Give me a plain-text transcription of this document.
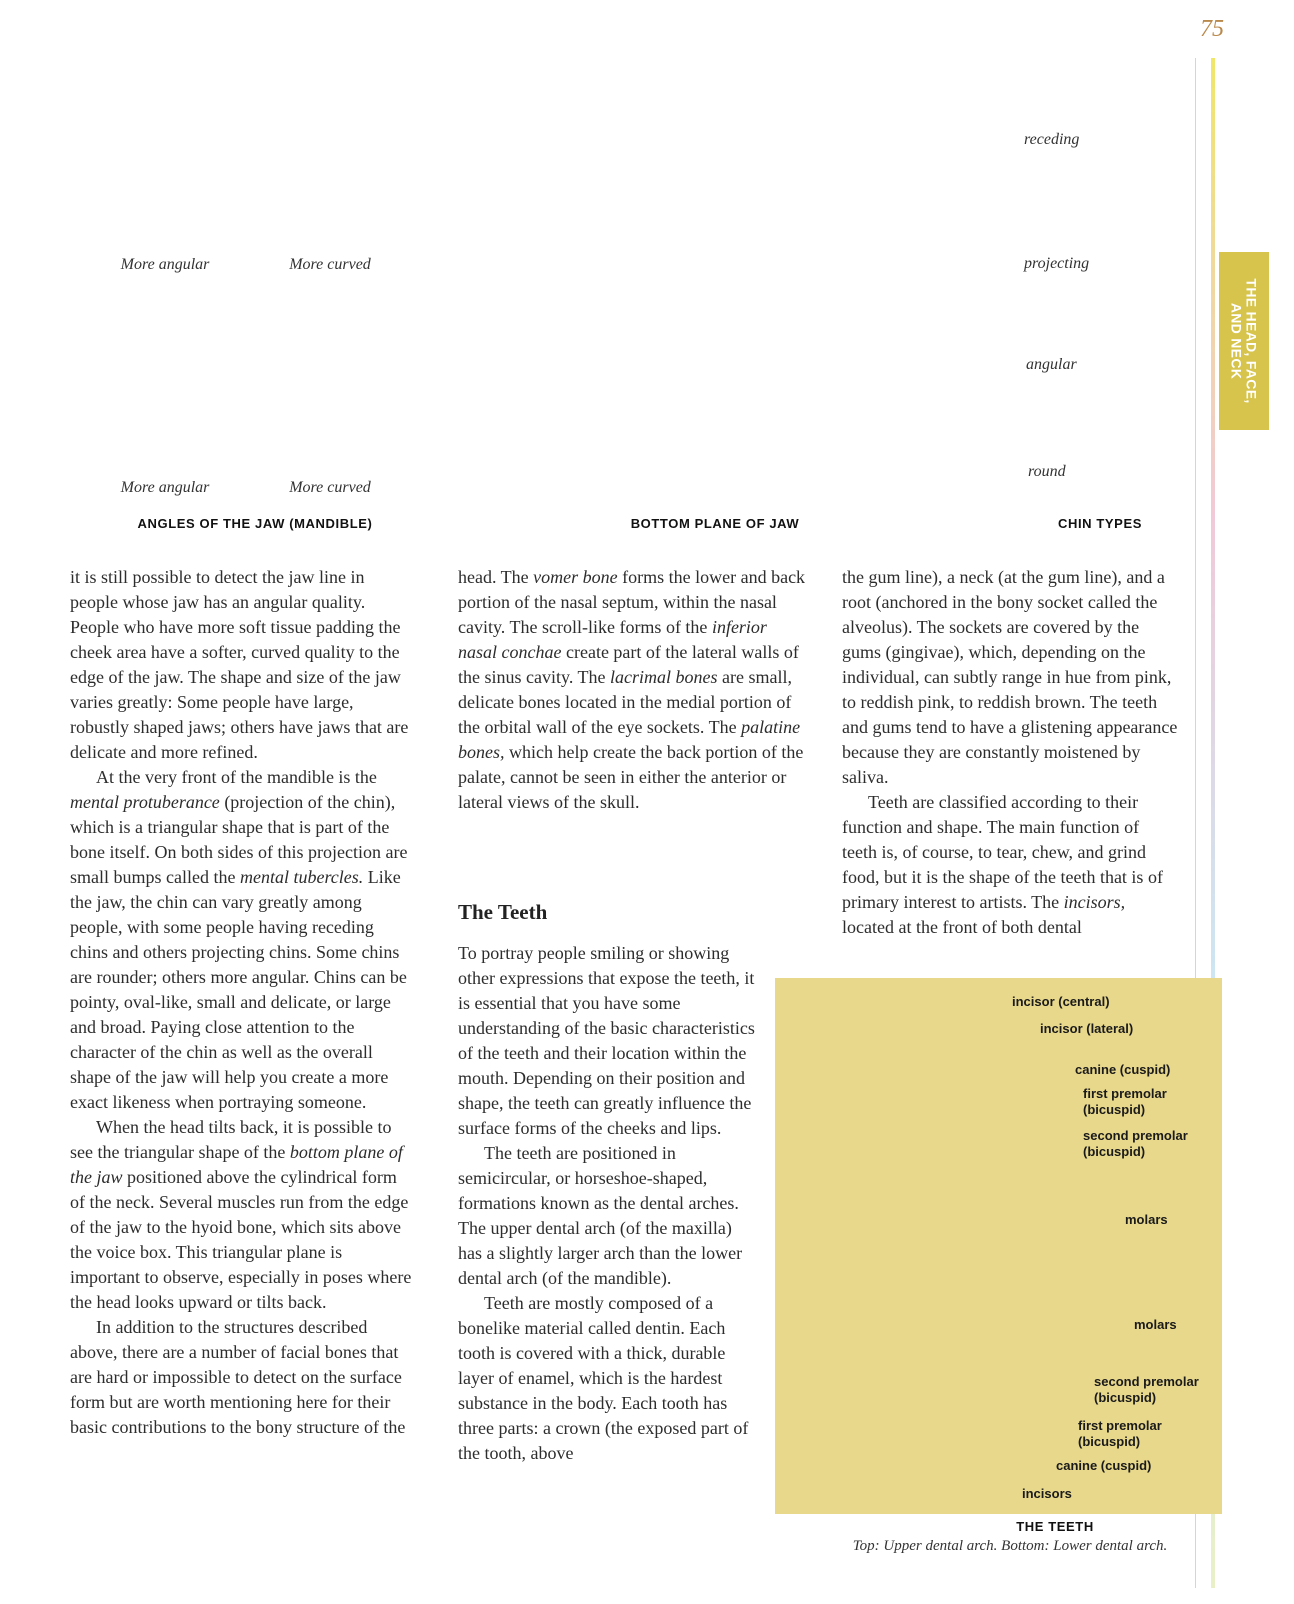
75
THE HEAD, FACE,
AND NECK
More angular	More curved
More angular	More curved
ANGLES OF THE JAW (MANDIBLE)	BOTTOM PLANE OF JAW
receding
projecting
angular
round
CHIN TYPES

it is still possible to detect the jaw line in people whose jaw has an angular quality. People who have more soft tissue padding the cheek area have a softer, curved quality to the edge of the jaw. The shape and size of the jaw varies greatly: Some people have large, robustly shaped jaws; others have jaws that are delicate and more refined.

At the very front of the mandible is the mental protuberance (projection of the chin), which is a triangular shape that is part of the bone itself. On both sides of this projection are small bumps called the mental tubercles. Like the jaw, the chin can vary greatly among people, with some people having receding chins and others projecting chins. Some chins are rounder; others more angular. Chins can be pointy, oval-like, small and delicate, or large and broad. Paying close attention to the character of the chin as well as the overall shape of the jaw will help you create a more exact likeness when portraying someone.

When the head tilts back, it is possible to see the triangular shape of the bottom plane of the jaw positioned above the cylindrical form of the neck. Several muscles run from the edge of the jaw to the hyoid bone, which sits above the voice box. This triangular plane is important to observe, especially in poses where the head looks upward or tilts back.

In addition to the structures described above, there are a number of facial bones that are hard or impossible to detect on the surface form but are worth mentioning here for their basic contributions to the bony structure of the

head. The vomer bone forms the lower and back portion of the nasal septum, within the nasal cavity. The scroll-like forms of the inferior nasal conchae create part of the lateral walls of the sinus cavity. The lacrimal bones are small, delicate bones located in the medial portion of the orbital wall of the eye sockets. The palatine bones, which help create the back portion of the palate, cannot be seen in either the anterior or lateral views of the skull.

The Teeth

To portray people smiling or showing other expressions that expose the teeth, it is essential that you have some understanding of the basic characteristics of the teeth and their location within the mouth. Depending on their position and shape, the teeth can greatly influence the surface forms of the cheeks and lips.

The teeth are positioned in semicircular, or horseshoe-shaped, formations known as the dental arches. The upper dental arch (of the maxilla) has a slightly larger arch than the lower dental arch (of the mandible).

Teeth are mostly composed of a bonelike material called dentin. Each tooth is covered with a thick, durable layer of enamel, which is the hardest substance in the body. Each tooth has three parts: a crown (the exposed part of the tooth, above

the gum line), a neck (at the gum line), and a root (anchored in the bony socket called the alveolus). The sockets are covered by the gums (gingivae), which, depending on the individual, can subtly range in hue from pink, to reddish pink, to reddish brown. The teeth and gums tend to have a glistening appearance because they are constantly moistened by saliva.

Teeth are classified according to their function and shape. The main function of teeth is, of course, to tear, chew, and grind food, but it is the shape of the teeth that is of primary interest to artists. The incisors, located at the front of both dental

incisor (central)
incisor (lateral)
canine (cuspid)
first premolar
(bicuspid)
second premolar
(bicuspid)
molars
molars
second premolar
(bicuspid)
first premolar
(bicuspid)
canine (cuspid)
incisors
THE TEETH
Top: Upper dental arch. Bottom: Lower dental arch.
